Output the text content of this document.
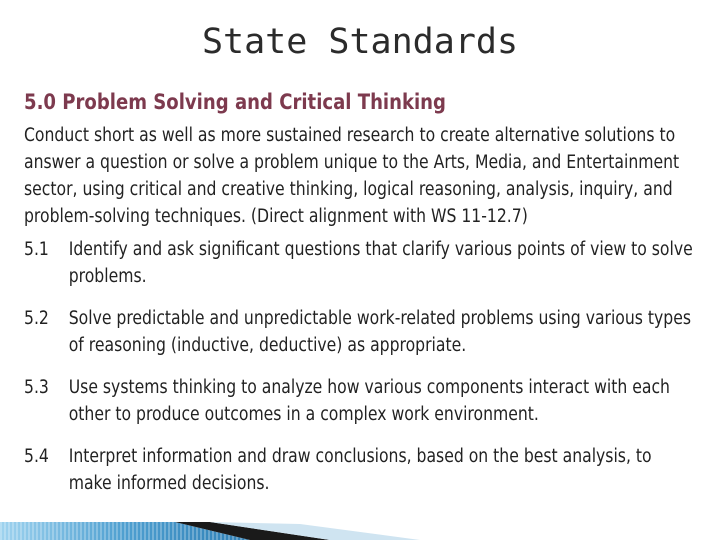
State Standards
5.0 Problem Solving and Critical Thinking

Conduct short as well as more sustained research to create alternative solutions to answer a question or solve a problem unique to the Arts, Media, and Entertainment sector, using critical and creative thinking, logical reasoning, analysis, inquiry, and problem-solving techniques. (Direct alignment with WS 11-12.7)

5.1	Identify and ask significant questions that clarify various points of view to solve problems.
5.2	Solve predictable and unpredictable work-related problems using various types of reasoning (inductive, deductive) as appropriate.
5.3	Use systems thinking to analyze how various components interact with each other to produce outcomes in a complex work environment.
5.4	Interpret information and draw conclusions, based on the best analysis, to make informed decisions.
